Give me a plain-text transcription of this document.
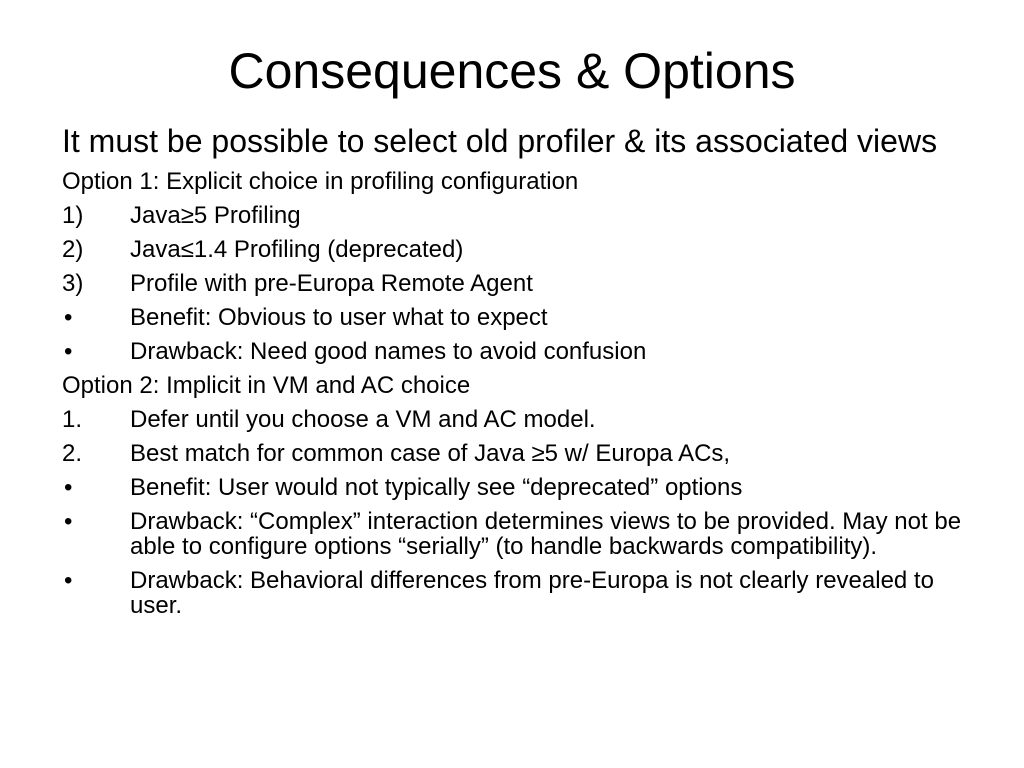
Consequences & Options
It must be possible to select old profiler & its associated views
Option 1: Explicit choice in profiling configuration
1)	Java≥5 Profiling
2)	Java≤1.4 Profiling (deprecated)
3)	Profile with pre-Europa Remote Agent
•	Benefit: Obvious to user what to expect
•	Drawback: Need good names to avoid confusion
Option 2: Implicit in VM and AC choice
1.	Defer until you choose a VM and AC model.
2.	Best match for common case of Java ≥5 w/ Europa ACs,
•	Benefit: User would not typically see “deprecated” options
•	Drawback: “Complex” interaction determines views to be provided. May not be able to configure options “serially” (to handle backwards compatibility).
•	Drawback: Behavioral differences from pre-Europa is not clearly revealed to user.
